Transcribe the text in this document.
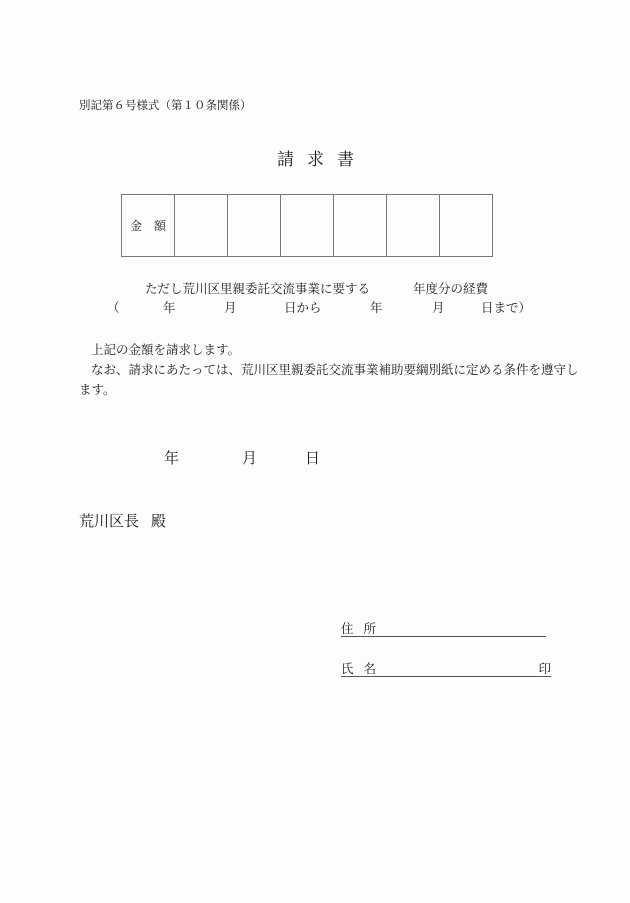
別記第６号様式（第１０条関係）
請 求 書
金 額						
ただし荒川区里親委託交流事業に要する	年度分の経費
（	年	月	日から	年	月	日まで）
上記の金額を請求します。
なお、請求にあたっては、荒川区里親委託交流事業補助要綱別紙に定める条件を遵守し
ます。
年	月	日
荒川区長 殿
住 所
氏 名	印
